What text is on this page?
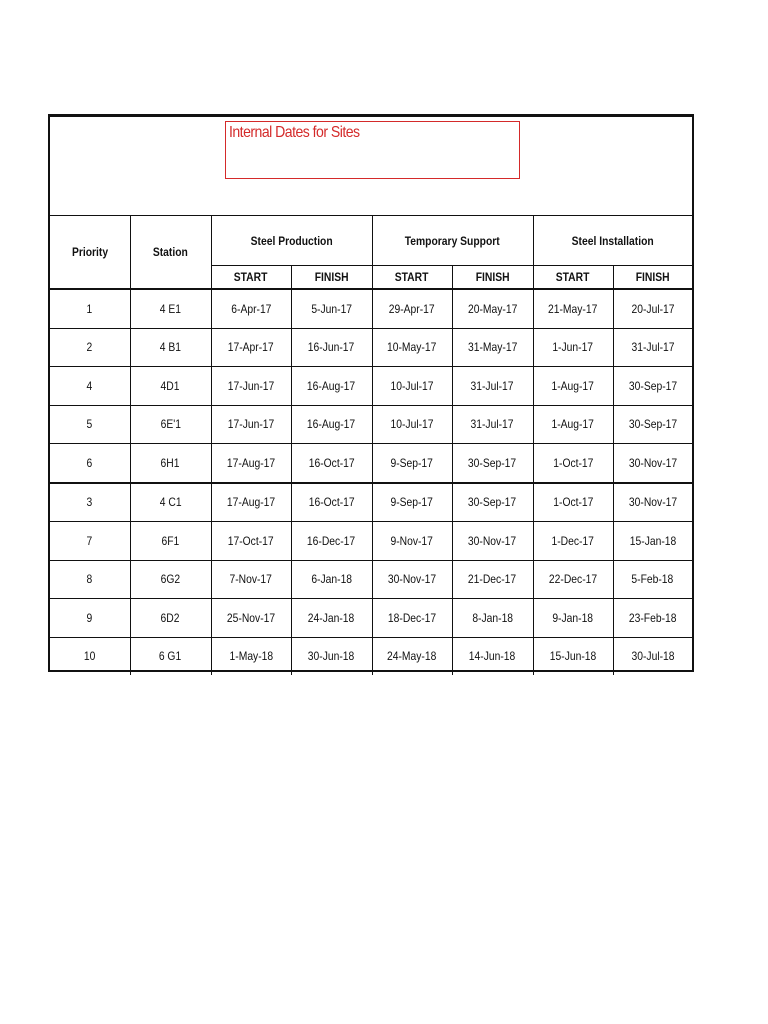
Internal Dates for Sites
Priority	Station	Steel Production		Temporary Support		Steel Installation	
		START	FINISH	START	FINISH	START	FINISH
1	4 E1	6-Apr-17	5-Jun-17	29-Apr-17	20-May-17	21-May-17	20-Jul-17
2	4 B1	17-Apr-17	16-Jun-17	10-May-17	31-May-17	1-Jun-17	31-Jul-17
4	4D1	17-Jun-17	16-Aug-17	10-Jul-17	31-Jul-17	1-Aug-17	30-Sep-17
5	6E'1	17-Jun-17	16-Aug-17	10-Jul-17	31-Jul-17	1-Aug-17	30-Sep-17
6	6H1	17-Aug-17	16-Oct-17	9-Sep-17	30-Sep-17	1-Oct-17	30-Nov-17
3	4 C1	17-Aug-17	16-Oct-17	9-Sep-17	30-Sep-17	1-Oct-17	30-Nov-17
7	6F1	17-Oct-17	16-Dec-17	9-Nov-17	30-Nov-17	1-Dec-17	15-Jan-18
8	6G2	7-Nov-17	6-Jan-18	30-Nov-17	21-Dec-17	22-Dec-17	5-Feb-18
9	6D2	25-Nov-17	24-Jan-18	18-Dec-17	8-Jan-18	9-Jan-18	23-Feb-18
10	6 G1	1-May-18	30-Jun-18	24-May-18	14-Jun-18	15-Jun-18	30-Jul-18
